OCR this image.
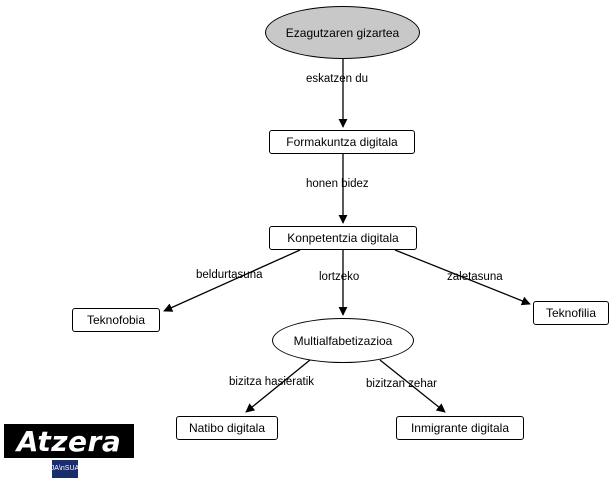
Ezagutzaren gizartea
Formakuntza digitala
Konpetentzia digitala
Teknofobia	Teknofilia
Multialfabetizazioa
Natibo digitala	Inmigrante digitala
eskatzen du
honen bidez
beldurtasuna	lortzeko	zaletasuna
bizitza hasieratik	bizitzan zehar
Atzera
JA\nSUA
